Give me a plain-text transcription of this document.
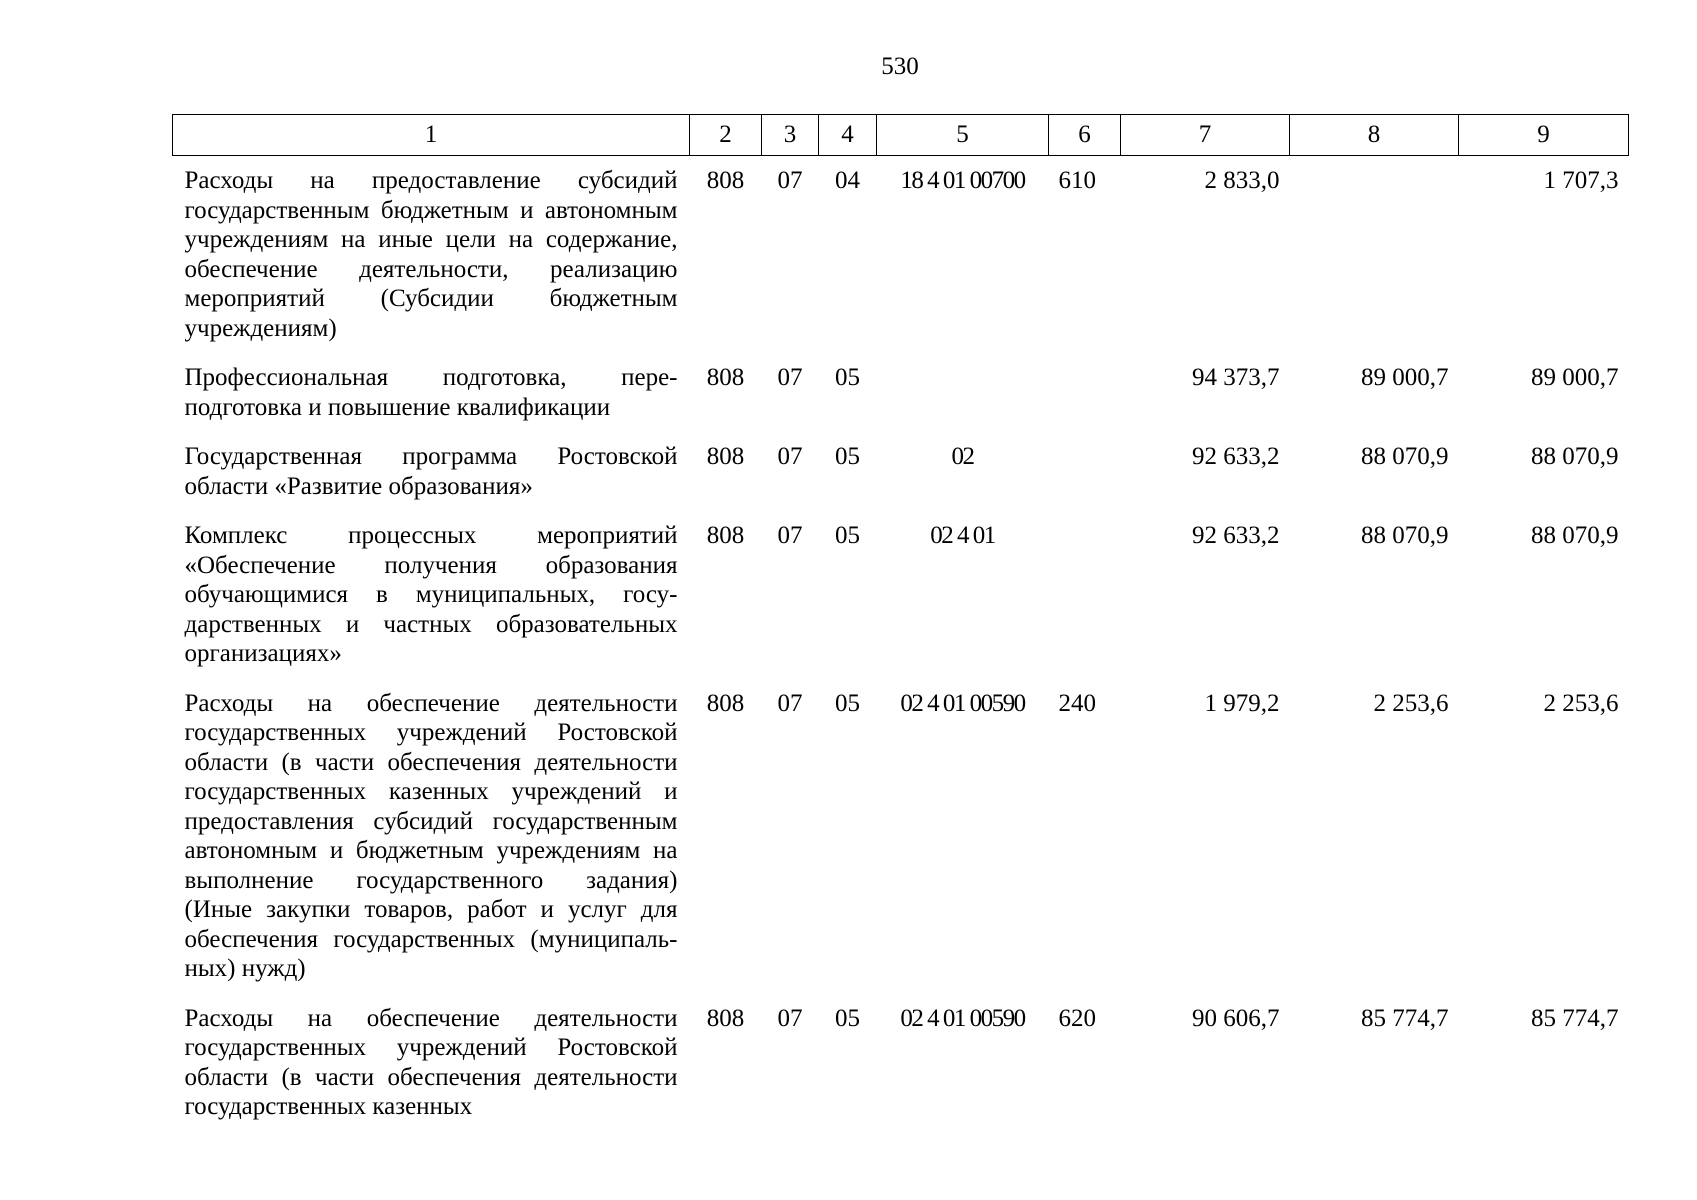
530
1	2	3	4	5	6	7	8	9
Расходы на предоставление субсидий государственным бюджетным и автономным учреждениям на иные цели на содержание, обеспечение деятельности, реализацию мероприятий (Субсидии бюджетным учреждениям)	808	07	04	18 4 01 00700	610	2 833,0		1 707,3
Профессиональная подготовка, переподготовка и повышение квалификации	808	07	05			94 373,7	89 000,7	89 000,7
Государственная программа Ростовской области «Развитие образования»	808	07	05	02		92 633,2	88 070,9	88 070,9
Комплекс процессных мероприятий «Обеспечение получения образования обучающимися в муниципальных, государственных и частных образовательных организациях»	808	07	05	02 4 01		92 633,2	88 070,9	88 070,9
Расходы на обеспечение деятельности государственных учреждений Ростовской области (в части обеспечения деятельности государственных казенных учреждений и предоставления субсидий государственным автономным и бюджетным учреждениям на выполнение государственного задания) (Иные закупки товаров, работ и услуг для обеспечения государственных (муниципальных) нужд)	808	07	05	02 4 01 00590	240	1 979,2	2 253,6	2 253,6
Расходы на обеспечение деятельности государственных учреждений Ростовской области (в части обеспечения деятельности государственных казенных	808	07	05	02 4 01 00590	620	90 606,7	85 774,7	85 774,7
